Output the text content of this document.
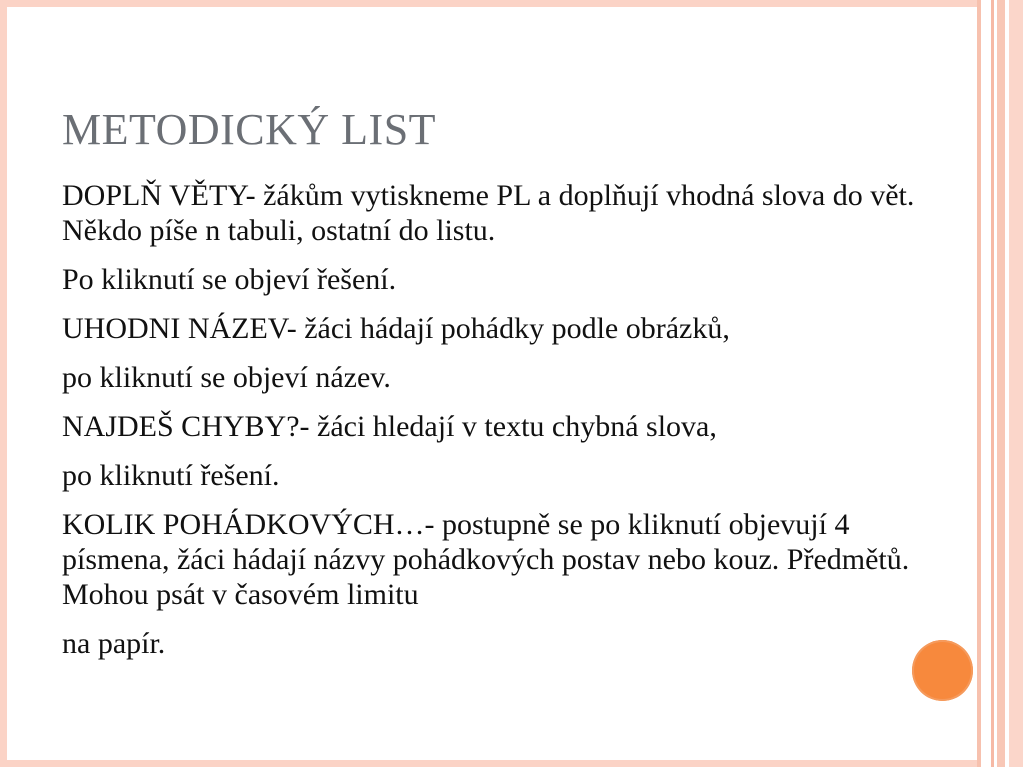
METODICKÝ LIST

DOPLŇ VĚTY- žákům vytiskneme PL a doplňují vhodná slova do vět. Někdo píše n tabuli, ostatní do listu.

Po kliknutí se objeví řešení.

UHODNI NÁZEV- žáci hádají pohádky podle obrázků,

po kliknutí se objeví název.

NAJDEŠ CHYBY?- žáci hledají v textu chybná slova,

po kliknutí řešení.

KOLIK POHÁDKOVÝCH…- postupně se po kliknutí objevují 4 písmena, žáci hádají názvy pohádkových postav nebo kouz. Předmětů. Mohou psát v časovém limitu

na papír.
